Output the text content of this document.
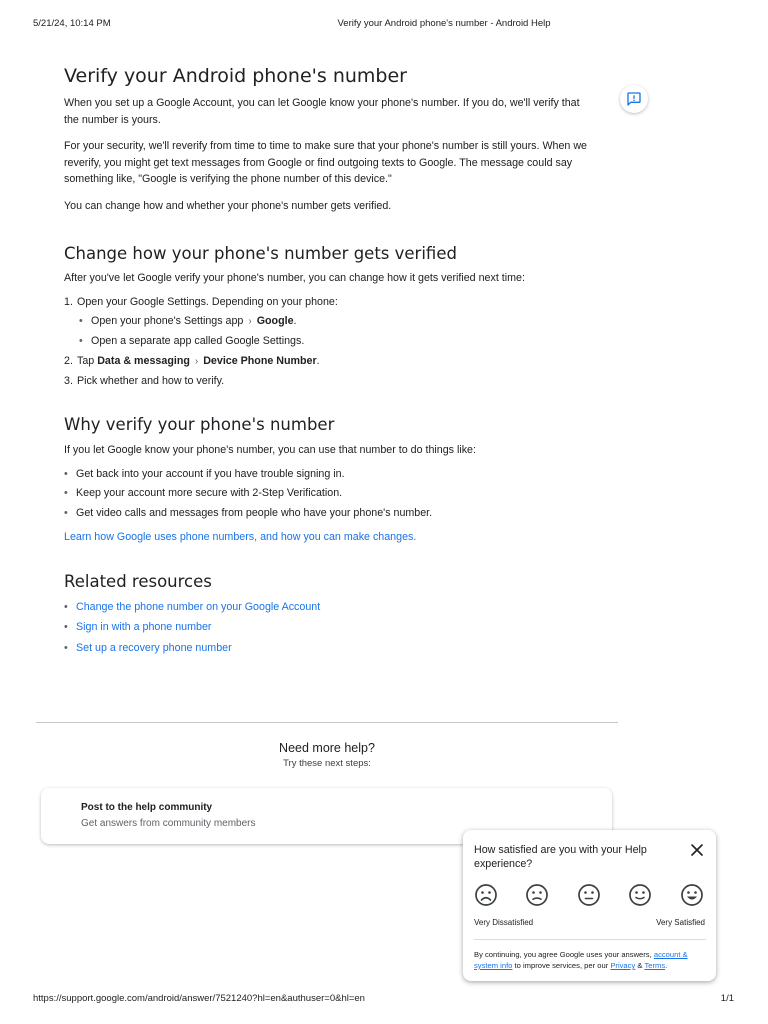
5/21/24, 10:14 PM	Verify your Android phone's number - Android Help
Verify your Android phone's number

When you set up a Google Account, you can let Google know your phone's number. If you do, we'll verify that the number is yours.

For your security, we'll reverify from time to time to make sure that your phone's number is still yours. When we reverify, you might get text messages from Google or find outgoing texts to Google. The message could say something like, "Google is verifying the phone number of this device."

You can change how and whether your phone's number gets verified.

Change how your phone's number gets verified

After you've let Google verify your phone's number, you can change how it gets verified next time:

1. Open your Google Settings. Depending on your phone:
• Open your phone's Settings app › Google.
• Open a separate app called Google Settings.
2. Tap Data & messaging › Device Phone Number.
3. Pick whether and how to verify.
Why verify your phone's number

If you let Google know your phone's number, you can use that number to do things like:

• Get back into your account if you have trouble signing in.
• Keep your account more secure with 2-Step Verification.
• Get video calls and messages from people who have your phone's number.

Learn how Google uses phone numbers, and how you can make changes.

Related resources
• Change the phone number on your Google Account
• Sign in with a phone number
• Set up a recovery phone number
Need more help?
Try these next steps:
Post to the help community
Get answers from community members
How satisfied are you with your Help experience?
Very Dissatisfied	Very Satisfied
By continuing, you agree Google uses your answers, account & system info to improve services, per our Privacy & Terms.
https://support.google.com/android/answer/7521240?hl=en&authuser=0&hl=en	1/1
